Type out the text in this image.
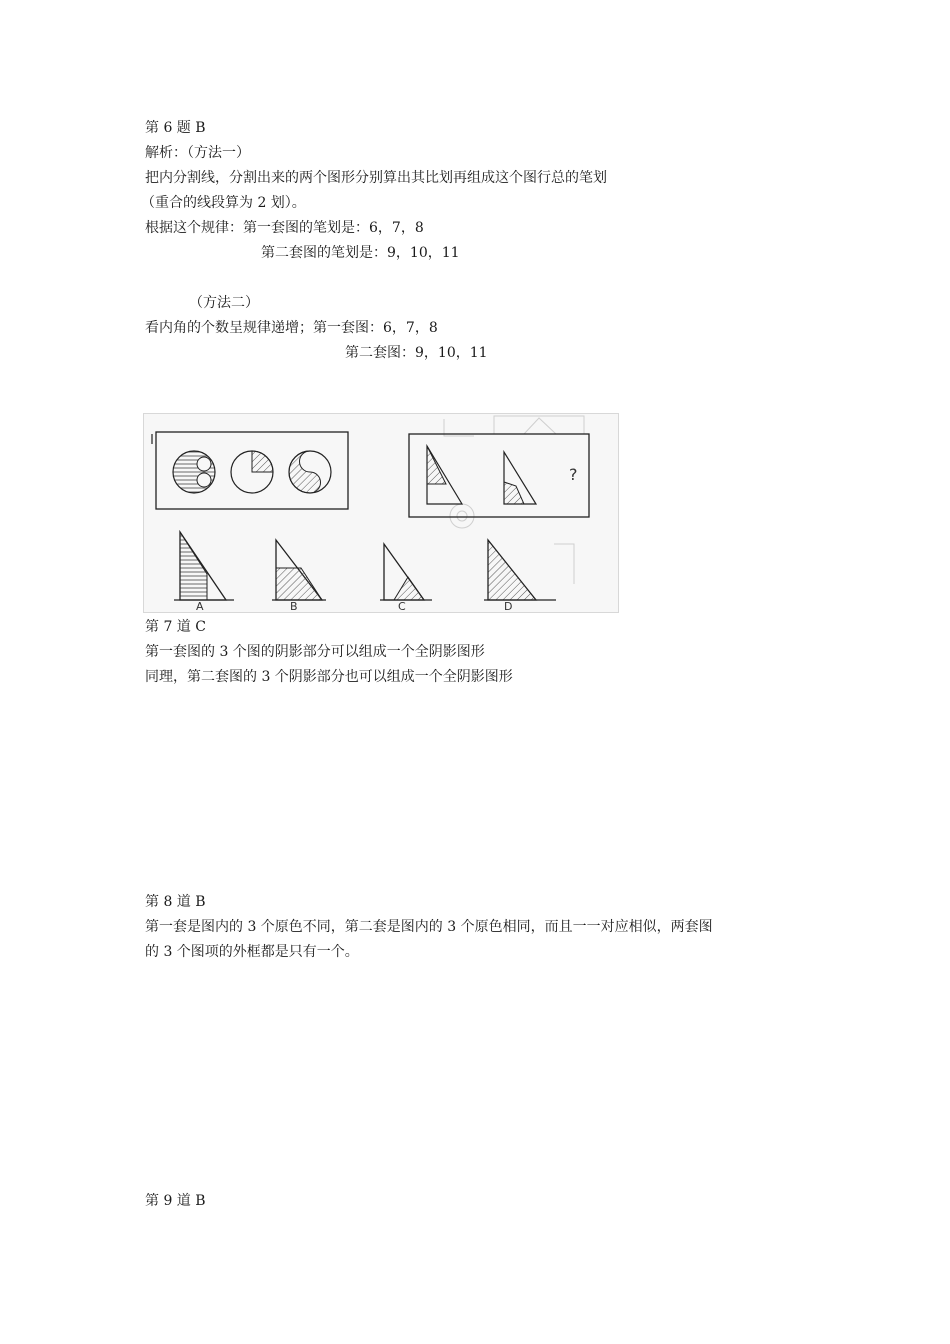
第 6 题 B
解析：（方法一）
把内分割线，分割出来的两个图形分别算出其比划再组成这个图行总的笔划
（重合的线段算为 2 划）。
根据这个规律：第一套图的笔划是：6，7，8
第二套图的笔划是：9，10，11
（方法二）
看内角的个数呈规律递增；第一套图：6，7，8
第二套图：9，10，11
?
A	B	C	D
第 7 道 C
第一套图的 3 个图的阴影部分可以组成一个全阴影图形
同理，第二套图的 3 个阴影部分也可以组成一个全阴影图形
第 8 道 B
第一套是图内的 3 个原色不同，第二套是图内的 3 个原色相同，而且一一对应相似，两套图
的 3 个图项的外框都是只有一个。
第 9 道 B
